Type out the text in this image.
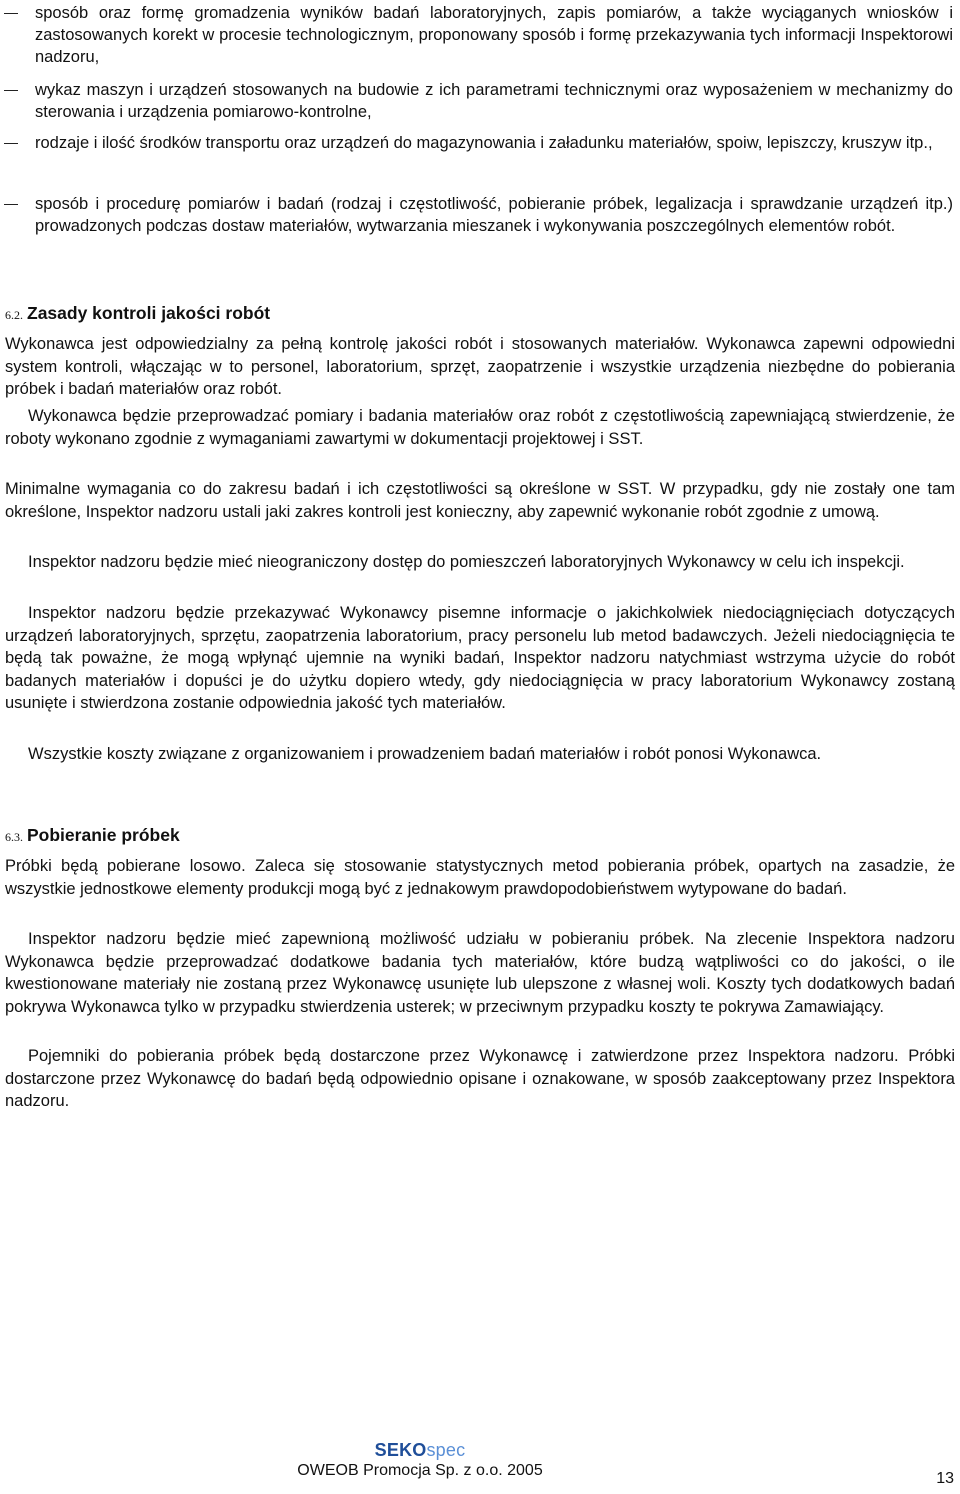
sposób oraz formę gromadzenia wyników badań laboratoryjnych, zapis pomiarów, a także wyciąganych wniosków i zastosowanych korekt w procesie technologicznym, proponowany sposób i formę przekazywania tych informacji Inspektorowi nadzoru,
wykaz maszyn i urządzeń stosowanych na budowie z ich parametrami technicznymi oraz wyposażeniem w mechanizmy do sterowania i urządzenia pomiarowo-kontrolne,
rodzaje i ilość środków transportu oraz urządzeń do magazynowania i załadunku materiałów, spoiw, lepiszczy, kruszyw itp.,
sposób i procedurę pomiarów i badań (rodzaj i częstotliwość, pobieranie próbek, legalizacja i sprawdzanie urządzeń itp.) prowadzonych podczas dostaw materiałów, wytwarzania mieszanek i wykonywania poszczególnych elementów robót.
6.2. Zasady kontroli jakości robót
Wykonawca jest odpowiedzialny za pełną kontrolę jakości robót i stosowanych materiałów. Wykonawca zapewni odpowiedni system kontroli, włączając w to personel, laboratorium, sprzęt, zaopatrzenie i wszystkie urządzenia niezbędne do pobierania próbek i badań materiałów oraz robót.
Wykonawca będzie przeprowadzać pomiary i badania materiałów oraz robót z częstotliwością zapewniającą stwierdzenie, że roboty wykonano zgodnie z wymaganiami zawartymi w dokumentacji projektowej i SST.
Minimalne wymagania co do zakresu badań i ich częstotliwości są określone w SST. W przypadku, gdy nie zostały one tam określone, Inspektor nadzoru ustali jaki zakres kontroli jest konieczny, aby zapewnić wykonanie robót zgodnie z umową.
Inspektor nadzoru będzie mieć nieograniczony dostęp do pomieszczeń laboratoryjnych Wykonawcy w celu ich inspekcji.
Inspektor nadzoru będzie przekazywać Wykonawcy pisemne informacje o jakichkolwiek niedociągnięciach dotyczących urządzeń laboratoryjnych, sprzętu, zaopatrzenia laboratorium, pracy personelu lub metod badawczych. Jeżeli niedociągnięcia te będą tak poważne, że mogą wpłynąć ujemnie na wyniki badań, Inspektor nadzoru natychmiast wstrzyma użycie do robót badanych materiałów i dopuści je do użytku dopiero wtedy, gdy niedociągnięcia w pracy laboratorium Wykonawcy zostaną usunięte i stwierdzona zostanie odpowiednia jakość tych materiałów.
Wszystkie koszty związane z organizowaniem i prowadzeniem badań materiałów i robót ponosi Wykonawca.
6.3. Pobieranie próbek
Próbki będą pobierane losowo. Zaleca się stosowanie statystycznych metod pobierania próbek, opartych na zasadzie, że wszystkie jednostkowe elementy produkcji mogą być z jednakowym prawdopodobieństwem wytypowane do badań.
Inspektor nadzoru będzie mieć zapewnioną możliwość udziału w pobieraniu próbek. Na zlecenie Inspektora nadzoru Wykonawca będzie przeprowadzać dodatkowe badania tych materiałów, które budzą wątpliwości co do jakości, o ile kwestionowane materiały nie zostaną przez Wykonawcę usunięte lub ulepszone z własnej woli. Koszty tych dodatkowych badań pokrywa Wykonawca tylko w przypadku stwierdzenia usterek; w przeciwnym przypadku koszty te pokrywa Zamawiający.
Pojemniki do pobierania próbek będą dostarczone przez Wykonawcę i zatwierdzone przez Inspektora nadzoru. Próbki dostarczone przez Wykonawcę do badań będą odpowiednio opisane i oznakowane, w sposób zaakceptowany przez Inspektora nadzoru.
SEKOspec
OWEOB Promocja Sp. z o.o. 2005	13
